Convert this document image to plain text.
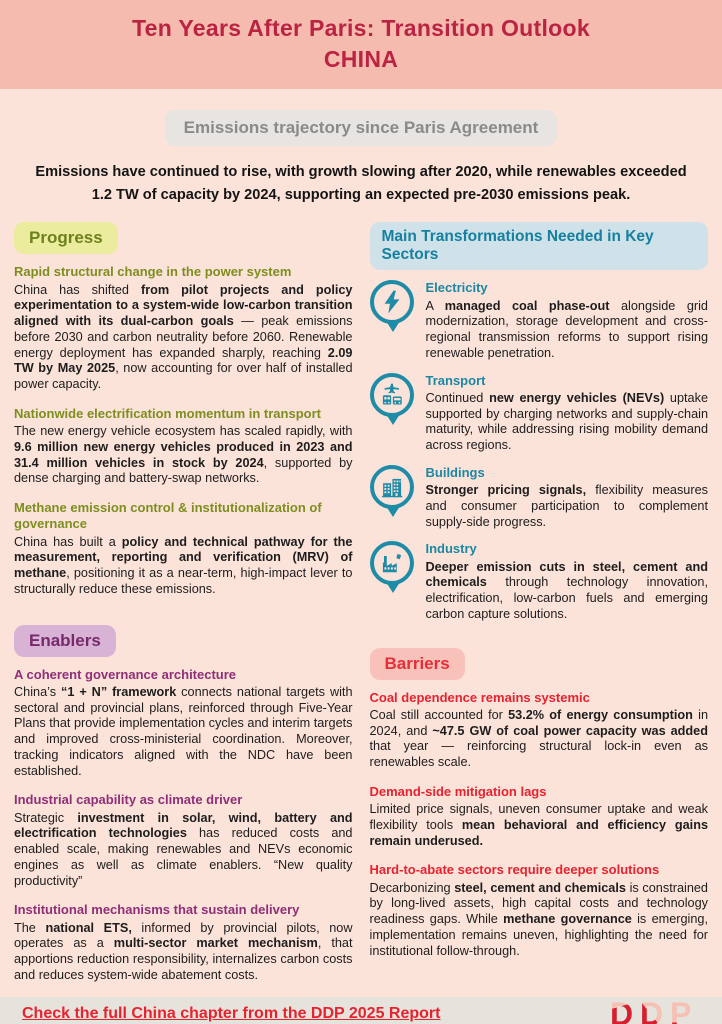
Ten Years After Paris: Transition Outlook
CHINA
Emissions trajectory since Paris Agreement

Emissions have continued to rise, with growth slowing after 2020, while renewables exceeded 1.2 TW of capacity by 2024, supporting an expected pre-2030 emissions peak.

Progress
Rapid structural change in the power system

China has shifted from pilot projects and policy experimentation to a system-wide low-carbon transition aligned with its dual-carbon goals — peak emissions before 2030 and carbon neutrality before 2060. Renewable energy deployment has expanded sharply, reaching 2.09 TW by May 2025, now accounting for over half of installed power capacity.

Nationwide electrification momentum in transport

The new energy vehicle ecosystem has scaled rapidly, with 9.6 million new energy vehicles produced in 2023 and 31.4 million vehicles in stock by 2024, supported by dense charging and battery-swap networks.

Methane emission control & institutionalization of governance

China has built a policy and technical pathway for the measurement, reporting and verification (MRV) of methane, positioning it as a near-term, high-impact lever to structurally reduce these emissions.

Enablers
A coherent governance architecture

China’s “1 + N” framework connects national targets with sectoral and provincial plans, reinforced through Five-Year Plans that provide implementation cycles and interim targets and improved cross-ministerial coordination. Moreover, tracking indicators aligned with the NDC have been established.

Industrial capability as climate driver

Strategic investment in solar, wind, battery and electrification technologies has reduced costs and enabled scale, making renewables and NEVs economic engines as well as climate enablers. “New quality productivity”

Institutional mechanisms that sustain delivery

The national ETS, informed by provincial pilots, now operates as a multi-sector market mechanism, that apportions reduction responsibility, internalizes carbon costs and reduces system-wide abatement costs.

Main Transformations Needed in Key Sectors
Electricity

A managed coal phase-out alongside grid modernization, storage development and cross-regional transmission reforms to support rising renewable penetration.

Transport

Continued new energy vehicles (NEVs) uptake supported by charging networks and supply-chain maturity, while addressing rising mobility demand across regions.

Buildings

Stronger pricing signals, flexibility measures and consumer participation to complement supply-side progress.

Industry

Deeper emission cuts in steel, cement and chemicals through technology innovation, electrification, low-carbon fuels and emerging carbon capture solutions.

Barriers
Coal dependence remains systemic

Coal still accounted for 53.2% of energy consumption in 2024, and ~47.5 GW of coal power capacity was added that year — reinforcing structural lock-in even as renewables scale.

Demand-side mitigation lags

Limited price signals, uneven consumer uptake and weak flexibility tools mean behavioral and efficiency gains remain underused.

Hard-to-abate sectors require deeper solutions

Decarbonizing steel, cement and chemicals is constrained by long-lived assets, high capital costs and technology readiness gaps. While methane governance is emerging, implementation remains uneven, highlighting the need for institutional follow-through.

Check the full China chapter from the DDP 2025 Report	D D P
